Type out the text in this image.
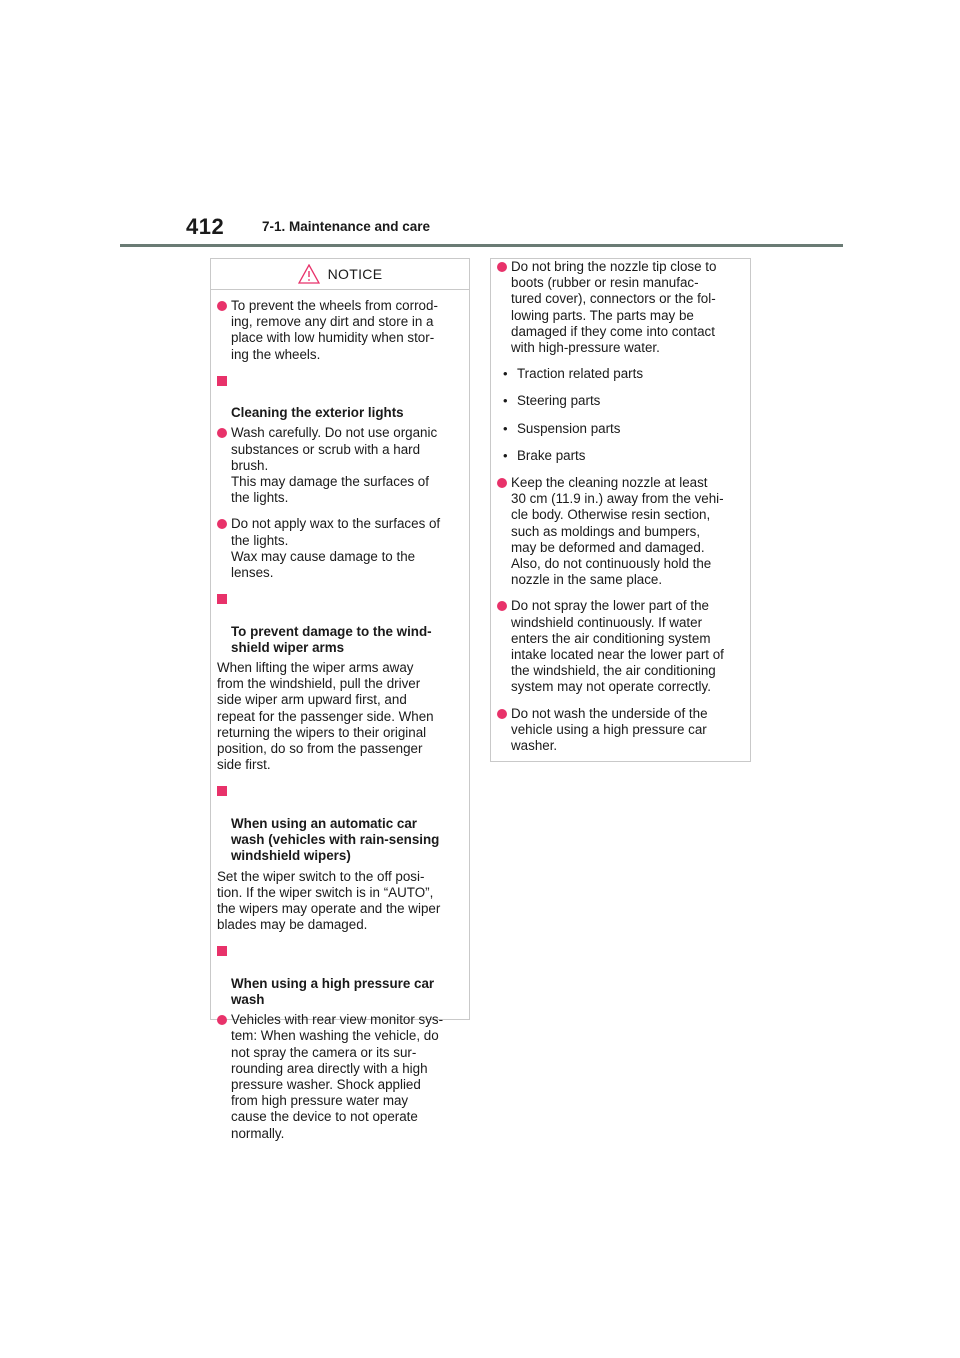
412	7-1. Maintenance and care
NOTICE
To prevent the wheels from corrod-
ing, remove any dirt and store in a
place with low humidity when stor-
ing the wheels.

Cleaning the exterior lights

Wash carefully. Do not use organic
substances or scrub with a hard
brush.
This may damage the surfaces of
the lights.
Do not apply wax to the surfaces of
the lights.
Wax may cause damage to the
lenses.

To prevent damage to the wind-
shield wiper arms

When lifting the wiper arms away
from the windshield, pull the driver
side wiper arm upward first, and
repeat for the passenger side. When
returning the wipers to their original
position, do so from the passenger
side first.

When using an automatic car
wash (vehicles with rain-sensing
windshield wipers)

Set the wiper switch to the off posi-
tion. If the wiper switch is in “AUTO”,
the wipers may operate and the wiper
blades may be damaged.

When using a high pressure car
wash

Vehicles with rear view monitor sys-
tem: When washing the vehicle, do
not spray the camera or its sur-
rounding area directly with a high
pressure washer. Shock applied
from high pressure water may
cause the device to not operate
normally.
Do not bring the nozzle tip close to
boots (rubber or resin manufac-
tured cover), connectors or the fol-
lowing parts. The parts may be
damaged if they come into contact
with high-pressure water.
• Traction related parts
• Steering parts
• Suspension parts
• Brake parts
Keep the cleaning nozzle at least
30 cm (11.9 in.) away from the vehi-
cle body. Otherwise resin section,
such as moldings and bumpers,
may be deformed and damaged.
Also, do not continuously hold the
nozzle in the same place.
Do not spray the lower part of the
windshield continuously. If water
enters the air conditioning system
intake located near the lower part of
the windshield, the air conditioning
system may not operate correctly.
Do not wash the underside of the
vehicle using a high pressure car
washer.
